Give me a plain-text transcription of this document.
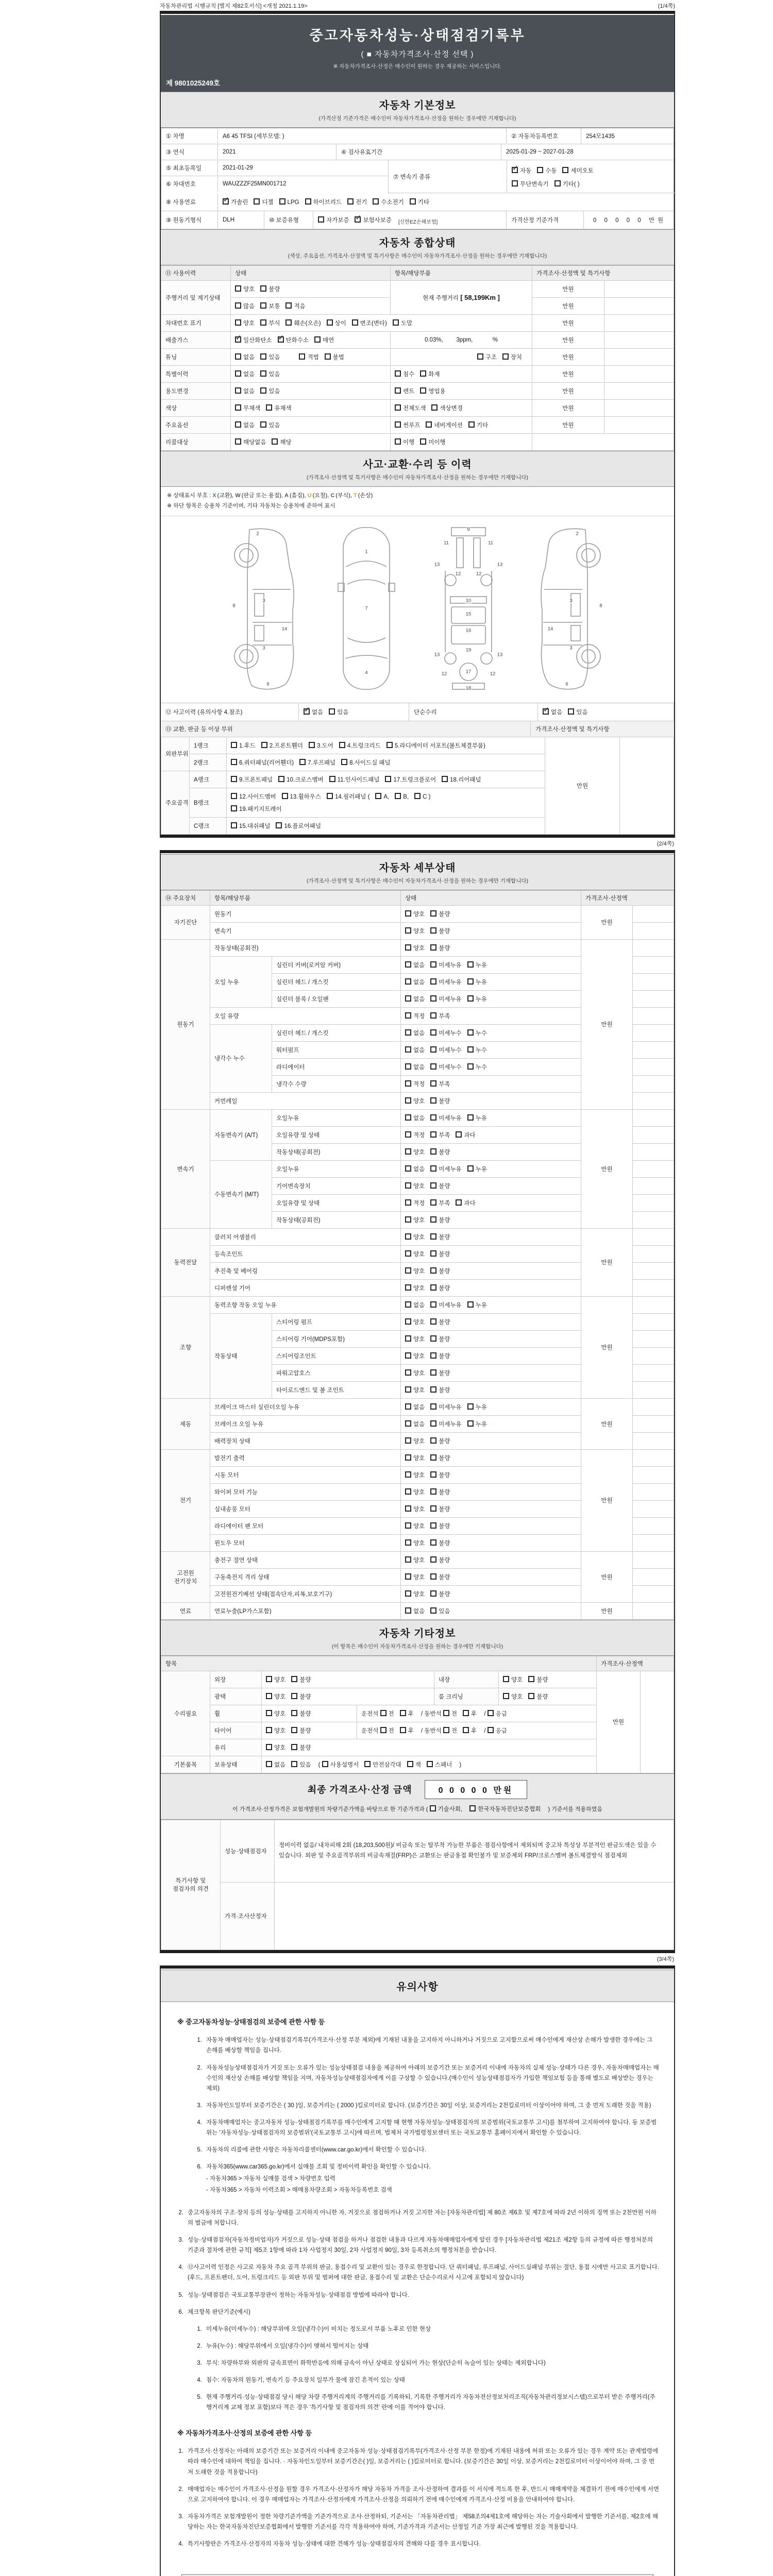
자동차관리법 시행규칙 [별지 제82호서식] <개정 2021.1.19>	(1/4쪽)
중고자동차성능·상태점검기록부
( ■ 자동차가격조사·산정 선택 )
※ 자동차가격조사·산정은 매수인이 원하는 경우 제공하는 서비스입니다.
제 9801025249호
자동차 기본정보
(가격산정 기준가격은 매수인이 자동차가격조사·산정을 원하는 경우에만 기재합니다)
① 차명	A6 45 TFSI (세부모델: )	② 자동차등록번호	254모1435
③ 연식	2021	④ 검사유효기간	2025-01-29 ~ 2027-01-28
⑤ 최초등록일	2021-01-29
⑥ 차대번호	WAUZZZF25MN001712
⑦ 변속기 종류
✓자동 수동 세미오토
무단변속기 기타( )
⑧ 사용연료 ✓	가솔린	디젤	LPG	하이브리드	전기	수소전기	기타
⑨ 원동기형식	DLH	⑩ 보증유형	자가보증 ✓ 보험사보증	[신한EZ손해보험]	가격산정 기준가격	0 0 0 0 0 만원
자동차 종합상태
(색상, 주요옵션, 가격조사·산정액 및 특기사항은 매수인이 자동차가격조사·산정을 원하는 경우에만 기재합니다)
⑪ 사용이력	상태	항목/해당부품	가격조사·산정액 및 특기사항	
주행거리 및 계기상태	양호 불량	현재 주행거리 [ 58,199Km ]	만원	
	많음 보통 적음		만원	
차대번호 표기	양호 부식 훼손(오손) 상이 변조(변타) 도말		만원	
배출가스	✓일산화탄소 ✓ 탄화수소 매연	0.03%,        3ppm,            %	만원	
튜닝	없음 있음 적법 불법	구조 장치	만원	
특별이력	없음 있음	침수 화재	만원	
용도변경	없음 있음	렌트 영업용	만원	
색상	무채색 유채색	전체도색 색상변경	만원	
주요옵션	없음 있음	썬루프 네비게이션 기타	만원	
리콜대상	해당없음 해당	이행 미이행		
사고·교환·수리 등 이력
(가격조사·산정액 및 특기사항은 매수인이 자동차가격조사·산정을 원하는 경우에만 기재합니다)
※ 상태표시 부호 : X (교환), W (판금 또는 용접), A (흠집), U (요철), C (부식), T (손상)
※ 하단 항목은 승용차 기준이며, 기타 자동차는 승용차에 준하여 표시
2
8
3
14
3
6
1
7
4
9
11	11
13	13
12	12
10
15
16
19
13	13
17
12	12
18
2
8
3
14
3
6
⑫ 사고이력 (유의사항 4.참조) ✓	없음	있음	단순수리 ✓	없음	있음
⑬ 교환, 판금 등 이상 부위	가격조사·산정액 및 특기사항
외판부위	1랭크	1.후드 2.프론트휀더 3.도어 4.트렁크리드 5.라디에이터 서포트(볼트체결부품)	만원	
	2랭크	6.쿼터패널(리어휀더) 7.루프패널 8.사이드실 패널		
주요골격	A랭크	9.프론트패널 10.크로스멤버 11.인사이드패널 17.트렁크플로어 18.리어패널		
	B랭크	12.사이드멤버 13.휠하우스 14.필러패널 ( A, B, C )
19.패키지트레이		

	C랭크	15.대쉬패널 16.플로어패널		
(2/4쪽)
자동차 세부상태
(가격조사·산정액 및 특기사항은 매수인이 자동차가격조사·산정을 원하는 경우에만 기재합니다)
⑭ 주요장치	항목/해당부품		상태	가격조사·산정액	
자기진단	원동기		양호 불량	만원	
	변속기		양호 불량		
원동기	작동상태(공회전)		양호 불량	만원	
	오일 누유	실린더 커버(로커암 커버)	없음 미세누유 누유		
		실린더 헤드 / 개스킷	없음 미세누유 누유		
		실린더 블록 / 오일팬	없음 미세누유 누유		
	오일 유량		적정 부족		
	냉각수 누수	실린더 헤드 / 개스킷	없음 미세누수 누수		
		워터펌프	없음 미세누수 누수		
		라디에이터	없음 미세누수 누수		
		냉각수 수량	적정 부족		
	커먼레일		양호 불량		
변속기	자동변속기 (A/T)	오일누유	없음 미세누유 누유	만원	
		오일유량 및 상태	적정 부족 과다		
		작동상태(공회전)	양호 불량		
	수동변속기 (M/T)	오일누유	없음 미세누유 누유		
		기어변속장치	양호 불량		
		오일유량 및 상태	적정 부족 과다		
		작동상태(공회전)	양호 불량		
동력전달	클러치 어셈블리		양호 불량	만원	
	등속조인트		양호 불량		
	추진축 및 베어링		양호 불량		
	디퍼렌셜 기어		양호 불량		
조향	동력조향 작동 오일 누유		없음 미세누유 누유	만원	
	작동상태	스티어링 펌프	양호 불량		
		스티어링 기어(MDPS포함)	양호 불량		
		스티어링조인트	양호 불량		
		파워고압호스	양호 불량		
		타이로드엔드 및 볼 조인트	양호 불량		
제동	브레이크 마스터 실린더오일 누유		없음 미세누유 누유	만원	
	브레이크 오일 누유		없음 미세누유 누유		
	배력장치 상태		양호 불량		
전기	발전기 출력		양호 불량	만원	
	시동 모터		양호 불량		
	와이퍼 모터 기능		양호 불량		
	실내송풍 모터		양호 불량		
	라디에이터 팬 모터		양호 불량		
	윈도우 모터		양호 불량		
고전원 전기장치	충전구 절연 상태		양호 불량	만원	
	구동축전지 격리 상태		양호 불량		
	고전원전기배선 상태(접속단자,피복,보호기구)		양호 불량		
연료	연료누출(LP가스포함)		없음 있음	만원	
자동차 기타정보
(이 항목은 매수인이 자동차가격조사·산정을 원하는 경우에만 기재합니다)
항목						가격조사·산정액	
수리필요	외장	양호 불량		내장	양호 불량	만원	
	광택	양호 불량		룸 크리닝	양호 불량		
	휠	양호 불량	운전석 전 후 / 동반석 전 후 / 응급				
	타이어	양호 불량	운전석 전 후 / 동반석 전 후 / 응급				
	유리	양호 불량					
기본품목	보유상태	없음 있음 ( 사용설명서 안전삼각대 잭 스패너 )					
최종 가격조사·산정 금액	0 0 0 0 0 만원
이 가격조사·산정가격은 보험개발원의 차량기준가액을 바탕으로 한 기준가격과 ( 기술사회,	한국자동차진단보증협회 ) 기준서를 적용하였음
특기사항 및 점검자의 의견	성능·상태점검자	정비이력 없음/ 내차피해 2회 (18,203,500원)/ 비금속 또는 탈부착 가능한 부품은 점검사항에서 제외되며 중고차 특성상 부분적인 판금도색은 있을 수 있습니다. 외판 및 주요골격부위의 비금속재질(FRP)은 교환또는 판금용접 확인불가 및 보증제외 FRP/크로스멤버 볼트체결방식 점검제외
	가격·조사산정자	
(3/4쪽)
유의사항
※ 중고자동차성능·상태점검의 보증에 관한 사항 등
1. 자동차 매매업자는 성능·상태점검기록부(가격조사·산정 부분 제외)에 기재된 내용을 고지하지 아니하거나 거짓으로 고지함으로써 매수인에게 재산상 손해가 발생한 경우에는 그 손해를 배상할 책임을 집니다.
2. 자동차성능상태점검자가 거짓 또는 오류가 있는 성능상태점검 내용을 제공하여 아래의 보증기간 또는 보증거리 이내에 자동차의 실제 성능·상태가 다른 경우, 자동차매매업자는 매수인의 재산상 손해를 배상할 책임을 지며, 자동차성능상태점검자에게 이를 구상할 수 있습니다.(매수인이 성능상태점검자가 가입한 책임보험 등을 통해 별도로 배상받는 경우는 제외)
3. 자동차인도일부터 보증기간은 ( 30 )일, 보증거리는 ( 2000 )킬로미터로 합니다. (보증기간은 30일 이상, 보증거리는 2천킬로미터 이상이어야 하며, 그 중 먼저 도래한 것을 적용)
4. 자동차매매업자는 중고자동차 성능·상태점검기록부를 매수인에게 고지할 때 현행 자동차성능·상태점검자의 보증범위(국토교통부 고시)를 첨부하여 고지하여야 합니다. 동 보증범위는 '자동차성능·상태점검자의 보증범위'(국토교통부 고시)에 따르며, 법제처 국가법령정보센터 또는 국토교통부 홈페이지에서 확인할 수 있습니다.
5. 자동차의 리콜에 관한 사항은 자동차리콜센터(www.car.go.kr)에서 확인할 수 있습니다.
6. 자동차365(www.car365.go.kr)에서 실매물 조회 및 정비이력 확인을 확인할 수 있습니다.
- 자동차365 > 자동차 실매물 검색 > 차량번호 입력
- 자동차365 > 자동차 이력조회 > 매매용차량조회 > 자동차등록번호 검색
2. 중고자동차의 구조·장치 등의 성능·상태를 고지하지 아니한 자, 거짓으로 점검하거나 거짓 고지한 자는 [자동차관리법] 제 80조 제6호 및 제7호에 따라 2년 이하의 징역 또는 2천만원 이하의 벌금에 처합니다.
3. 성능·상태점검자(자동차정비업자)가 거짓으로 성능·상태 점검을 하거나 점검한 내용과 다르게 자동차매매업자에게 알린 경우 [자동차관리법 제21조 제2항 등의 규정에 따른 행정처분의 기준과 절차에 관한 규칙] 제5조 1항에 따라 1차 사업정지 30일, 2차 사업정지 90일, 3차 등록취소의 행정처분을 받습니다.
4. ⑫사고이력 인정은 사고로 자동차 주요 골격 부위의 판금, 용접수리 및 교환이 있는 경우로 한정합니다. 단 쿼터패널, 루프패널, 사이드실패널 부위는 절단, 용접 시에만 사고로 표기합니다. (후드, 프론트펜더, 도어, 트렁크리드 등 외판 부위 및 범퍼에 대한 판금, 용접수리 및 교환은 단순수리로서 사고에 포함되지 않습니다)
5. 성능·상태점검은 국토교통부장관이 정하는 자동차성능·상태점검 방법에 따라야 합니다.
6. 체크항목 판단기준(예시)
1. 미세누유(미세누수) : 해당부위에 오일(냉각수)이 비치는 정도로서 부품 노후로 인한 현상
2. 누유(누수) : 해당부위에서 오일(냉각수)이 맺혀서 떨어지는 상태
3. 부식: 차량하부와 외판의 금속표면이 화학반응에 의해 금속이 아닌 상태로 상실되어 가는 현상(단순히 녹슬어 있는 상태는 제외합니다)
4. 침수: 자동차의 원동기, 변속기 등 주요장치 일부가 물에 잠긴 흔적이 있는 상태
5. 현재 주행거리·성능·상태점검 당시 해당 차량 주행거리계의 주행거리를 기록하되, 기록한 주행거리가 자동차전산정보처리조직(자동차관리정보시스템)으로부터 받은 주행거리(주행거리계 교체 정보 포함)보다 적은 경우 '특기사항 및 점검자의 의견' 란에 이를 적어야 합니다.
※ 자동차가격조사·산정의 보증에 관한 사항 등
1. 가격조사·산정자는 아래의 보증기간 또는 보증거리 이내에 중고자동차 성능·상태점검기록부(가격조사·산정 부분 한정)에 기재된 내용에 허위 또는 오류가 있는 경우 계약 또는 관계법령에 따라 매수인에 대하여 책임을 집니다. · 자동차인도일부터 보증기간은( )일, 보증거리는 ( )킬로미터로 합니다. (보증기간은 30일 이상, 보증거리는 2천킬로미터 이상이어야 하며, 그 중 먼저 도래한 것을 적용합니다)
2. 매매업자는 매수인이 가격조사·산정을 원할 경우 가격조사·산정자가 해당 자동차 가격을 조사·산정하여 결과를 이 서식에 적도록 한 후, 반드시 매매계약을 체결하기 전에 매수인에게 서면으로 고지하여야 합니다. 이 경우 매매업자는 가격조사·산정자에게 가격조사·산정을 의뢰하기 전에 매수인에게 가격조사·산정 비용을 안내하여야 합니다.
3. 자동차가격은 보험개발원이 정한 차량기준가액을 기준가격으로 조사·산정하되, 기준서는 「자동차관리법」 제58조의4제1호에 해당하는 자는 기술사회에서 발행한 기준서를, 제2호에 해당하는 자는 한국자동차진단보증협회에서 발행한 기준서를 각각 적용하여야 하며, 기준가격과 기준서는 산정일 기준 가장 최근에 발행된 것을 적용합니다.
4. 특기사항란은 가격조사·산정자의 자동차 성능·상태에 대한 견해가 성능·상태점검자의 견해와 다를 경우 표시합니다.
